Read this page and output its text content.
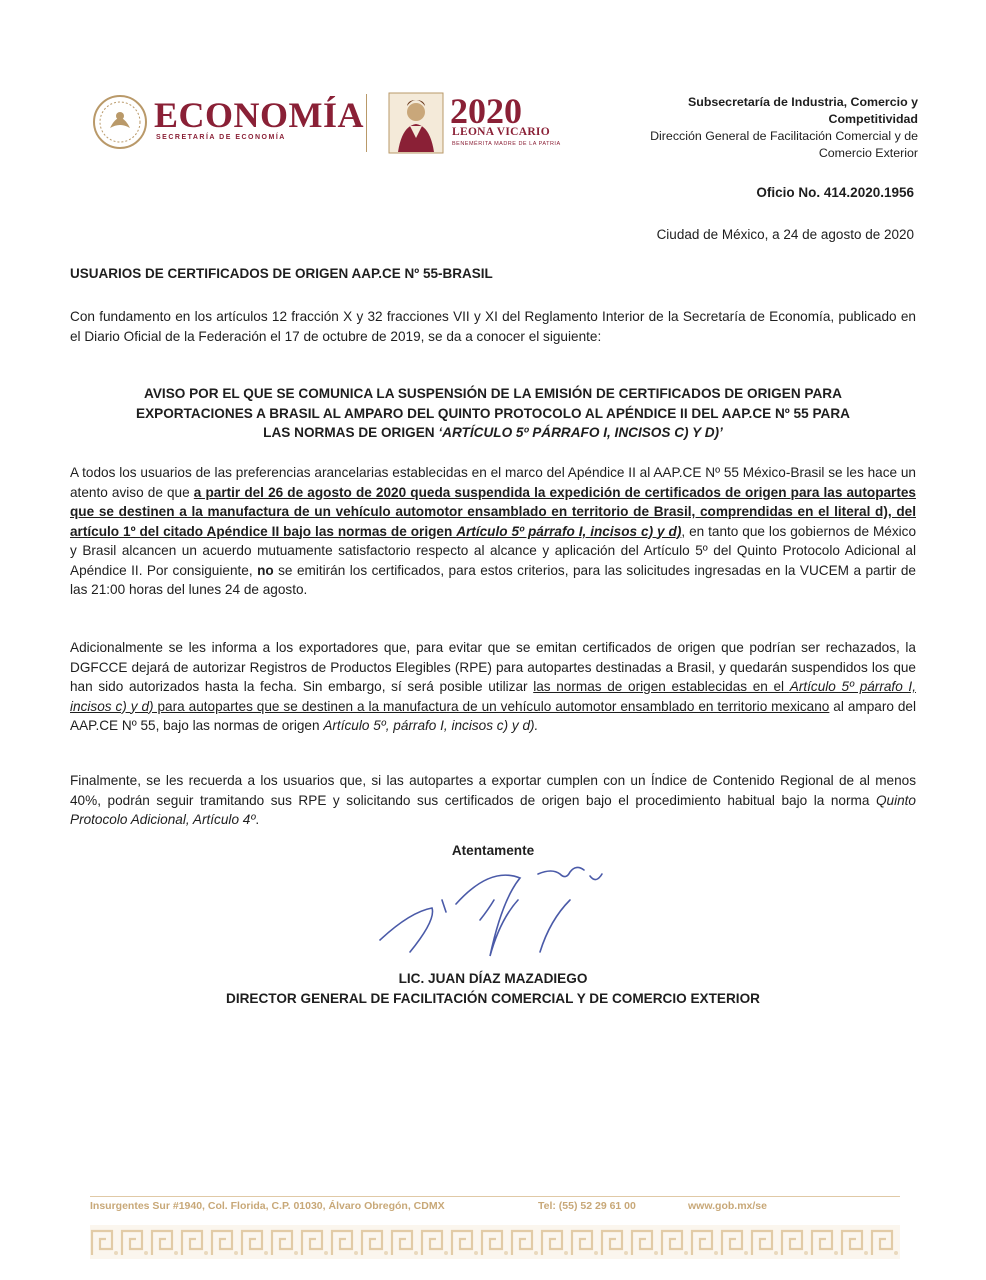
ECONOMÍA
SECRETARÍA DE ECONOMÍA
2020
LEONA VICARIO
BENEMÉRITA MADRE DE LA PATRIA
Subsecretaría de Industria, Comercio y Competitividad
Dirección General de Facilitación Comercial y de Comercio Exterior
Oficio No. 414.2020.1956
Ciudad de México, a 24 de agosto de 2020
USUARIOS DE CERTIFICADOS DE ORIGEN AAP.CE Nº 55-BRASIL
Con fundamento en los artículos 12 fracción X y 32 fracciones VII y XI del Reglamento Interior de la Secretaría de Economía, publicado en el Diario Oficial de la Federación el 17 de octubre de 2019, se da a conocer el siguiente:
AVISO POR EL QUE SE COMUNICA LA SUSPENSIÓN DE LA EMISIÓN DE CERTIFICADOS DE ORIGEN PARA
EXPORTACIONES A BRASIL AL AMPARO DEL QUINTO PROTOCOLO AL APÉNDICE II DEL AAP.CE Nº 55 PARA
LAS NORMAS DE ORIGEN ‘ARTÍCULO 5º PÁRRAFO I, INCISOS C) Y D)’
A todos los usuarios de las preferencias arancelarias establecidas en el marco del Apéndice II al AAP.CE Nº 55 México-Brasil se les hace un atento aviso de que a partir del 26 de agosto de 2020 queda suspendida la expedición de certificados de origen para las autopartes que se destinen a la manufactura de un vehículo automotor ensamblado en territorio de Brasil, comprendidas en el literal d), del artículo 1º del citado Apéndice II bajo las normas de origen Artículo 5º párrafo I, incisos c) y d), en tanto que los gobiernos de México y Brasil alcancen un acuerdo mutuamente satisfactorio respecto al alcance y aplicación del Artículo 5º del Quinto Protocolo Adicional al Apéndice II. Por consiguiente, no se emitirán los certificados, para estos criterios, para las solicitudes ingresadas en la VUCEM a partir de las 21:00 horas del lunes 24 de agosto.
Adicionalmente se les informa a los exportadores que, para evitar que se emitan certificados de origen que podrían ser rechazados, la DGFCCE dejará de autorizar Registros de Productos Elegibles (RPE) para autopartes destinadas a Brasil, y quedarán suspendidos los que han sido autorizados hasta la fecha. Sin embargo, sí será posible utilizar las normas de origen establecidas en el Artículo 5º párrafo I, incisos c) y d) para autopartes que se destinen a la manufactura de un vehículo automotor ensamblado en territorio mexicano al amparo del AAP.CE Nº 55, bajo las normas de origen Artículo 5º, párrafo I, incisos c) y d).
Finalmente, se les recuerda a los usuarios que, si las autopartes a exportar cumplen con un Índice de Contenido Regional de al menos 40%, podrán seguir tramitando sus RPE y solicitando sus certificados de origen bajo el procedimiento habitual bajo la norma Quinto Protocolo Adicional, Artículo 4º.
Atentamente
LIC. JUAN DÍAZ MAZADIEGO
DIRECTOR GENERAL DE FACILITACIÓN COMERCIAL Y DE COMERCIO EXTERIOR
Insurgentes Sur #1940, Col. Florida, C.P. 01030, Álvaro Obregón, CDMX	Tel: (55) 52 29 61 00	www.gob.mx/se
